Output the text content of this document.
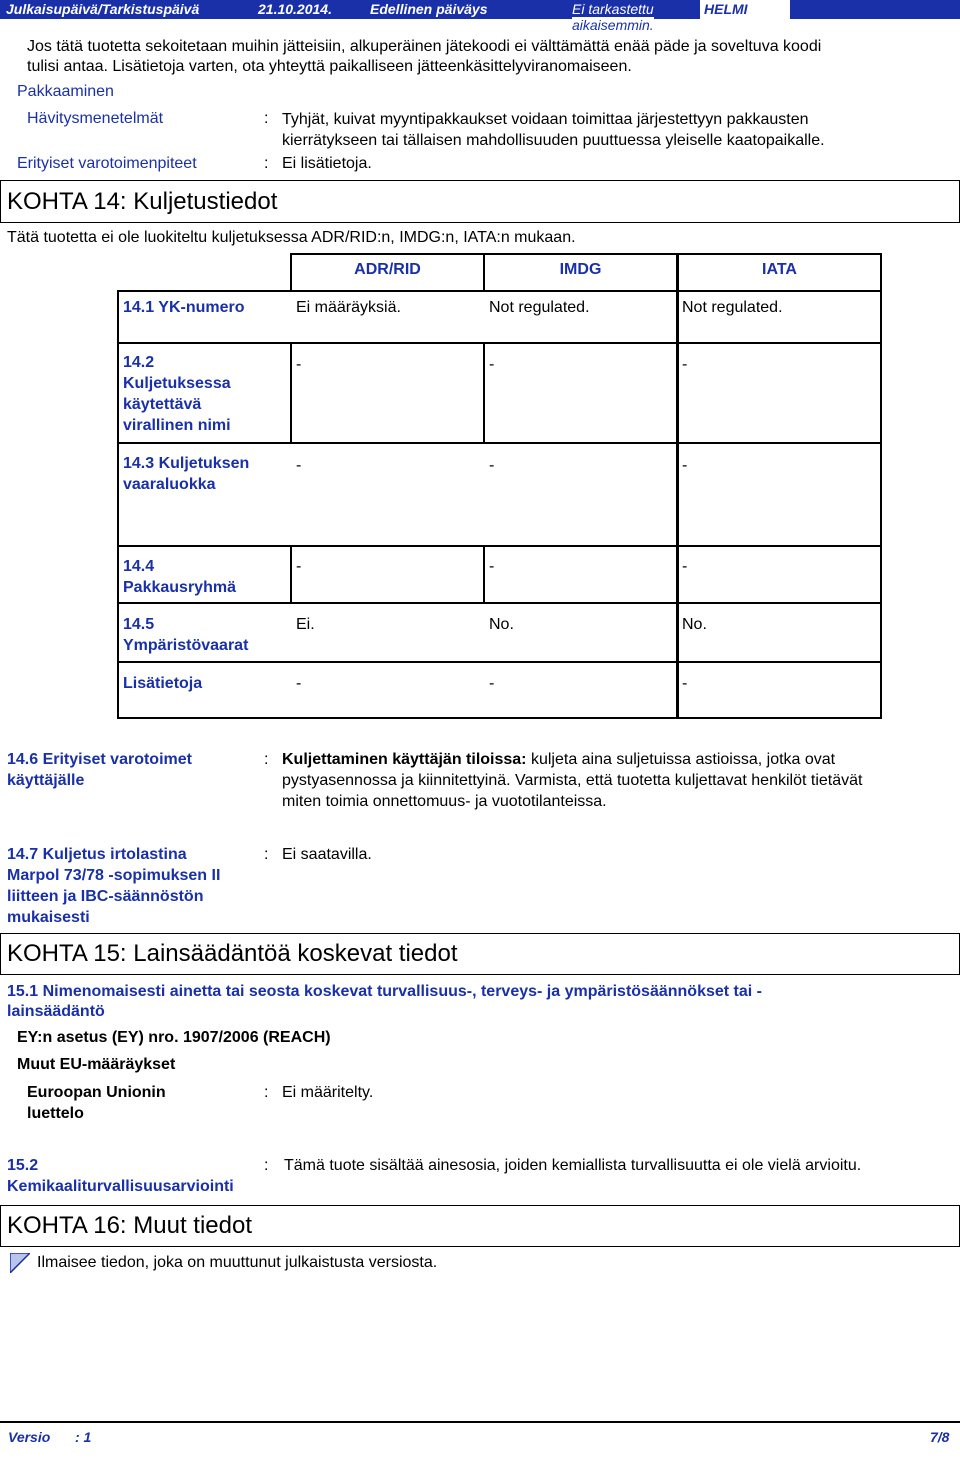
Julkaisupäivä/Tarkistuspäivä	21.10.2014.	Edellinen päiväys	Ei tarkastettu
aikaisemmin.
HELMI
Jos tätä tuotetta sekoitetaan muihin jätteisiin, alkuperäinen jätekoodi ei välttämättä enää päde ja soveltuva koodi
tulisi antaa. Lisätietoja varten, ota yhteyttä paikalliseen jätteenkäsittelyviranomaiseen.
Pakkaaminen
Hävitysmenetelmät	: Tyhjät, kuivat myyntipakkaukset voidaan toimittaa järjestettyyn pakkausten
kierrätykseen tai tällaisen mahdollisuuden puuttuessa yleiselle kaatopaikalle.
Erityiset varotoimenpiteet	: Ei lisätietoja.
KOHTA 14: Kuljetustiedot
Tätä tuotetta ei ole luokiteltu kuljetuksessa ADR/RID:n, IMDG:n, IATA:n mukaan.
ADR/RID	IMDG	IATA
14.1 YK-numero	Ei määräyksiä.	Not regulated.	Not regulated.
14.2
Kuljetuksessa
käytettävä
virallinen nimi
-	-	-
14.3 Kuljetuksen
vaaraluokka
-	-	-
14.4
Pakkausryhmä
-	-	-
14.5
Ympäristövaarat
Ei.	No.	No.
Lisätietoja	-	-	-
14.6 Erityiset varotoimet
käyttäjälle
: Kuljettaminen käyttäjän tiloissa: kuljeta aina suljetuissa astioissa, jotka ovat
pystyasennossa ja kiinnitettyinä. Varmista, että tuotetta kuljettavat henkilöt tietävät
miten toimia onnettomuus- ja vuototilanteissa.
14.7 Kuljetus irtolastina
Marpol 73/78 -sopimuksen II
liitteen ja IBC-säännöstön
mukaisesti
: Ei saatavilla.
KOHTA 15: Lainsäädäntöä koskevat tiedot
15.1 Nimenomaisesti ainetta tai seosta koskevat turvallisuus-, terveys- ja ympäristösäännökset tai -
lainsäädäntö
EY:n asetus (EY) nro. 1907/2006 (REACH)
Muut EU-määräykset
Euroopan Unionin
luettelo
: Ei määritelty.
15.2
Kemikaaliturvallisuusarviointi
: Tämä tuote sisältää ainesosia, joiden kemiallista turvallisuutta ei ole vielä arvioitu.
KOHTA 16: Muut tiedot
Ilmaisee tiedon, joka on muuttunut julkaistusta versiosta.
Versio : 1	7/8
